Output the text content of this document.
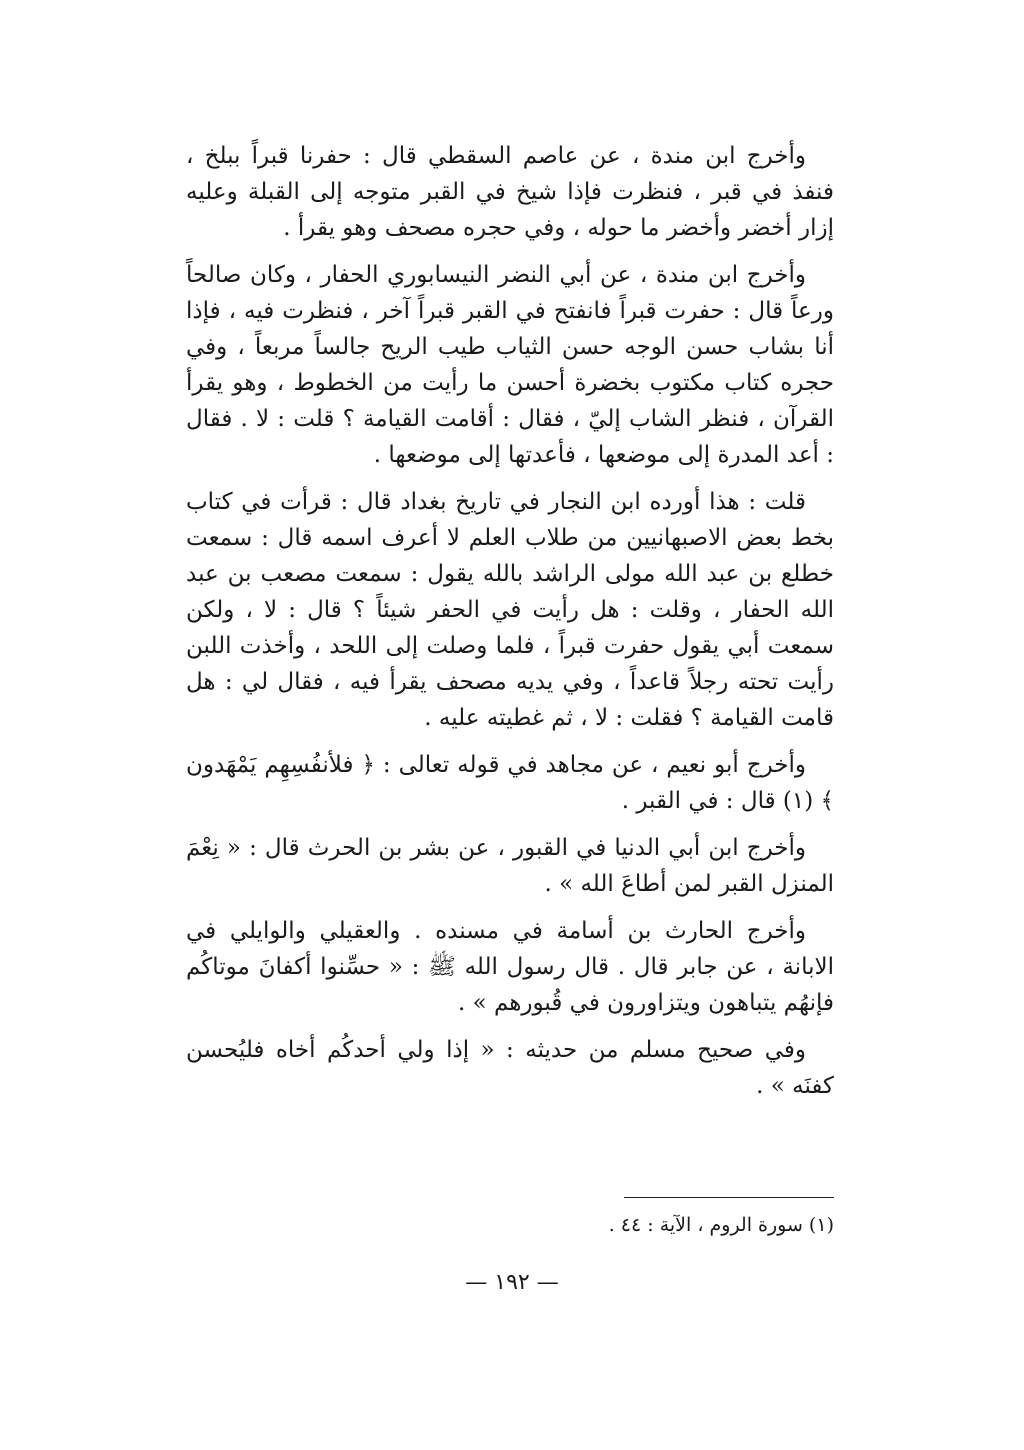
وأخرج ابن مندة ، عن عاصم السقطي قال : حفرنا قبراً ببلخ ، فنفذ في قبر ، فنظرت فإذا شيخ في القبر متوجه إلى القبلة وعليه إزار أخضر وأخضر ما حوله ، وفي حجره مصحف وهو يقرأ .

وأخرج ابن مندة ، عن أبي النضر النيسابوري الحفار ، وكان صالحاً ورعاً قال : حفرت قبراً فانفتح في القبر قبراً آخر ، فنظرت فيه ، فإذا أنا بشاب حسن الوجه حسن الثياب طيب الريح جالساً مربعاً ، وفي حجره كتاب مكتوب بخضرة أحسن ما رأيت من الخطوط ، وهو يقرأ القرآن ، فنظر الشاب إليّ ، فقال : أقامت القيامة ؟ قلت : لا . فقال : أعد المدرة إلى موضعها ، فأعدتها إلى موضعها .

قلت : هذا أورده ابن النجار في تاريخ بغداد قال : قرأت في كتاب بخط بعض الاصبهانيين من طلاب العلم لا أعرف اسمه قال : سمعت خطلع بن عبد الله مولى الراشد بالله يقول : سمعت مصعب بن عبد الله الحفار ، وقلت : هل رأيت في الحفر شيئاً ؟ قال : لا ، ولكن سمعت أبي يقول حفرت قبراً ، فلما وصلت إلى اللحد ، وأخذت اللبن رأيت تحته رجلاً قاعداً ، وفي يديه مصحف يقرأ فيه ، فقال لي : هل قامت القيامة ؟ فقلت : لا ، ثم غطيته عليه .

وأخرج أبو نعيم ، عن مجاهد في قوله تعالى : ﴿ فلأنفُسِهِم يَمْهَدون ﴾ (١) قال : في القبر .

وأخرج ابن أبي الدنيا في القبور ، عن بشر بن الحرث قال : « نِعْمَ المنزل القبر لمن أطاعَ الله » .

وأخرج الحارث بن أسامة في مسنده . والعقيلي والوايلي في الابانة ، عن جابر قال . قال رسول الله ﷺ : « حسِّنوا أكفانَ موتاكُم فإنهُم يتباهون ويتزاورون في قُبورهم » .

وفي صحيح مسلم من حديثه : « إذا ولي أحدكُم أخاه فليُحسن كفنَه » .

(١) سورة الروم ، الآية : ٤٤ .
— ١٩٢ —
